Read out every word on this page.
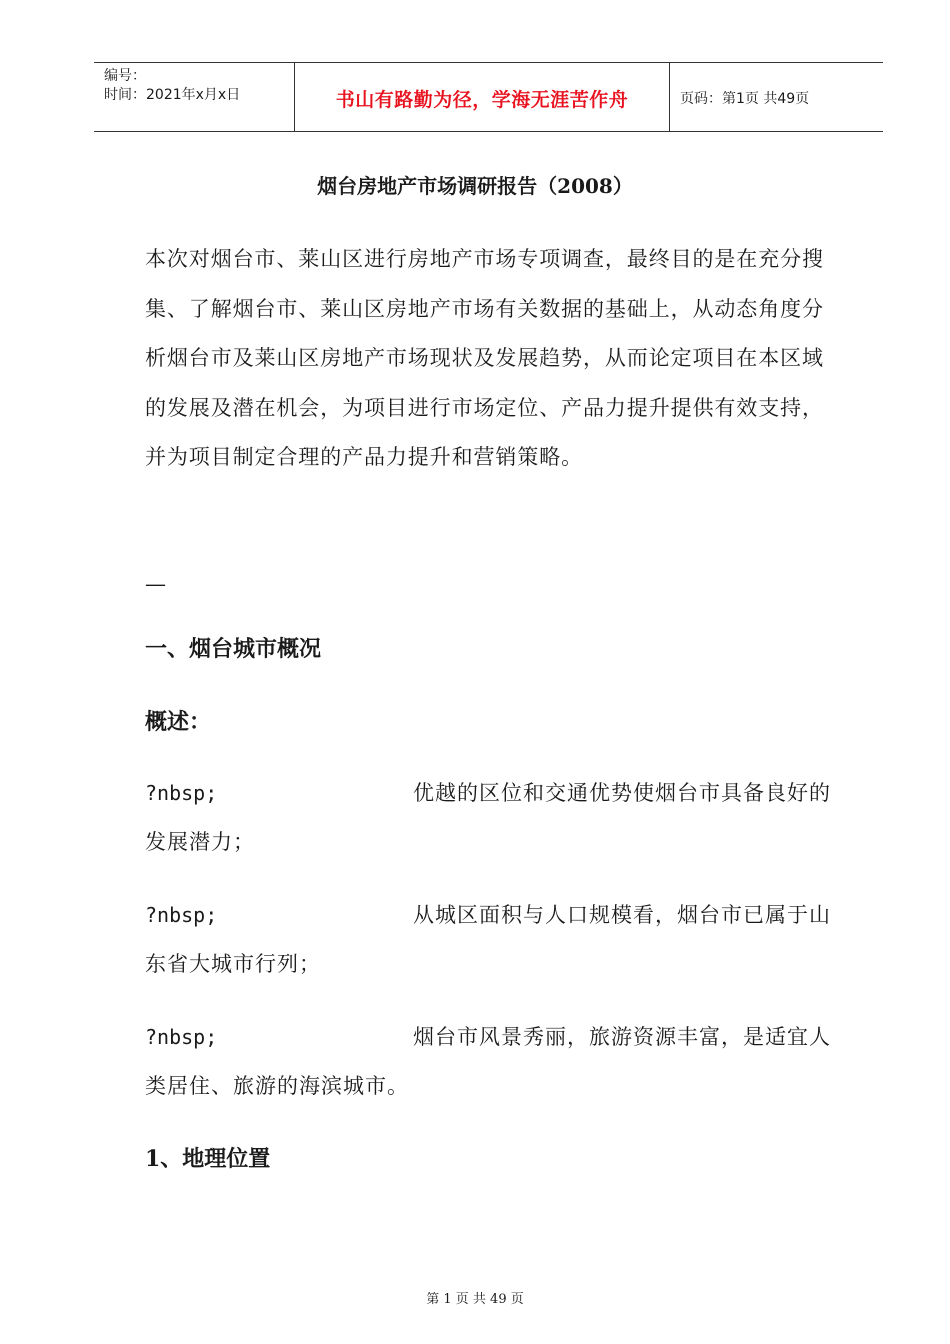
编号：
时间：2021年x月x日	书山有路勤为径，学海无涯苦作舟	页码：第1页 共49页
烟台房地产市场调研报告（2008）

本次对烟台市、莱山区进行房地产市场专项调查，最终目的是在充分搜集、了解烟台市、莱山区房地产市场有关数据的基础上，从动态角度分析烟台市及莱山区房地产市场现状及发展趋势，从而论定项目在本区域的发展及潜在机会，为项目进行市场定位、产品力提升提供有效支持，并为项目制定合理的产品力提升和营销策略。

—
一、烟台城市概况
概述：
?nbsp;	优越的区位和交通优势使烟台市具备良好的发展潜力；
?nbsp;	从城区面积与人口规模看，烟台市已属于山东省大城市行列；
?nbsp;	烟台市风景秀丽，旅游资源丰富，是适宜人类居住、旅游的海滨城市。
1、地理位置
第 1 页 共 49 页
